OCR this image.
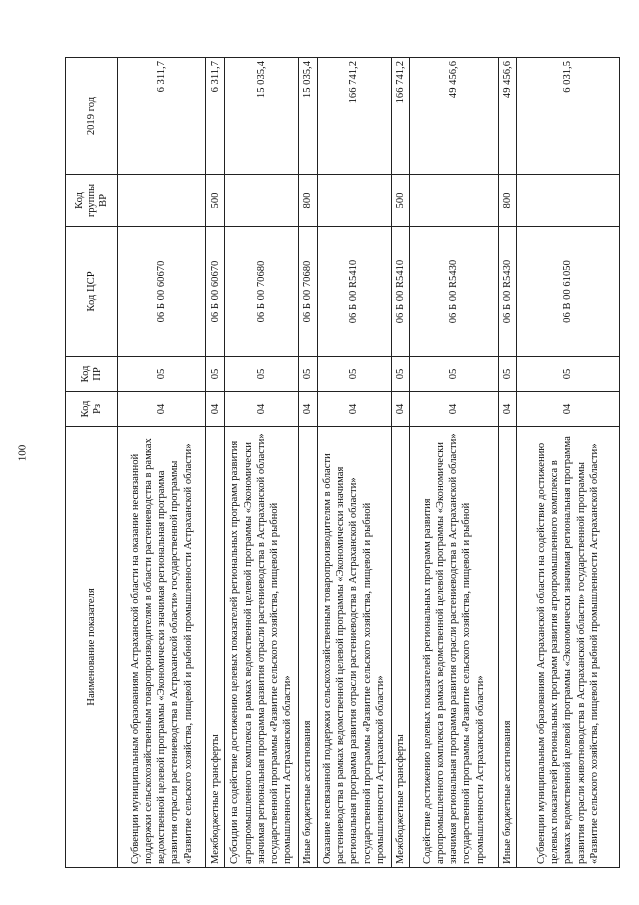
100
Наименование показателя	Код Рз	Код ПР	Код ЦСР	Код группы ВР	2019 год
Субвенции муниципальным образованиям Астраханской области на оказание несвязанной поддержки сельскохозяйственным товаропроизводителям в области растениеводства в рамках ведомственной целевой программы «Экономически значимая региональная программа развития отрасли растениеводства в Астраханской области» государственной программы «Развитие сельского хозяйства, пищевой и рыбной промышленности Астраханской области»	04	05	06 Б 00 60670		6 311,7
Межбюджетные трансферты	04	05	06 Б 00 60670	500	6 311,7
Субсидии на содействие достижению целевых показателей региональных программ развития агропромышленного комплекса в рамках ведомственной целевой программы «Экономически значимая региональная программа развития отрасли растениеводства в Астраханской области» государственной программы «Развитие сельского хозяйства, пищевой и рыбной промышленности Астраханской области»	04	05	06 Б 00 70680		15 035,4
Иные бюджетные ассигнования	04	05	06 Б 00 70680	800	15 035,4
Оказание несвязанной поддержки сельскохозяйственным товаропроизводителям в области растениеводства в рамках ведомственной целевой программы «Экономически значимая региональная программа развития отрасли растениеводства в Астраханской области» государственной программы «Развитие сельского хозяйства, пищевой и рыбной промышленности Астраханской области»	04	05	06 Б 00 R5410		166 741,2
Межбюджетные трансферты	04	05	06 Б 00 R5410	500	166 741,2
Содействие достижению целевых показателей региональных программ развития агропромышленного комплекса в рамках ведомственной целевой программы «Экономически значимая региональная программа развития отрасли растениеводства в Астраханской области» государственной программы «Развитие сельского хозяйства, пищевой и рыбной промышленности Астраханской области»	04	05	06 Б 00 R5430		49 456,6
Иные бюджетные ассигнования	04	05	06 Б 00 R5430	800	49 456,6
Субвенции муниципальным образованиям Астраханской области на содействие достижению целевых показателей региональных программ развития агропромышленного комплекса в рамках ведомственной целевой программы «Экономически значимая региональная программа развития отрасли животноводства в Астраханской области» государственной программы «Развитие сельского хозяйства, пищевой и рыбной промышленности Астраханской области»	04	05	06 В 00 61050		6 031,5
